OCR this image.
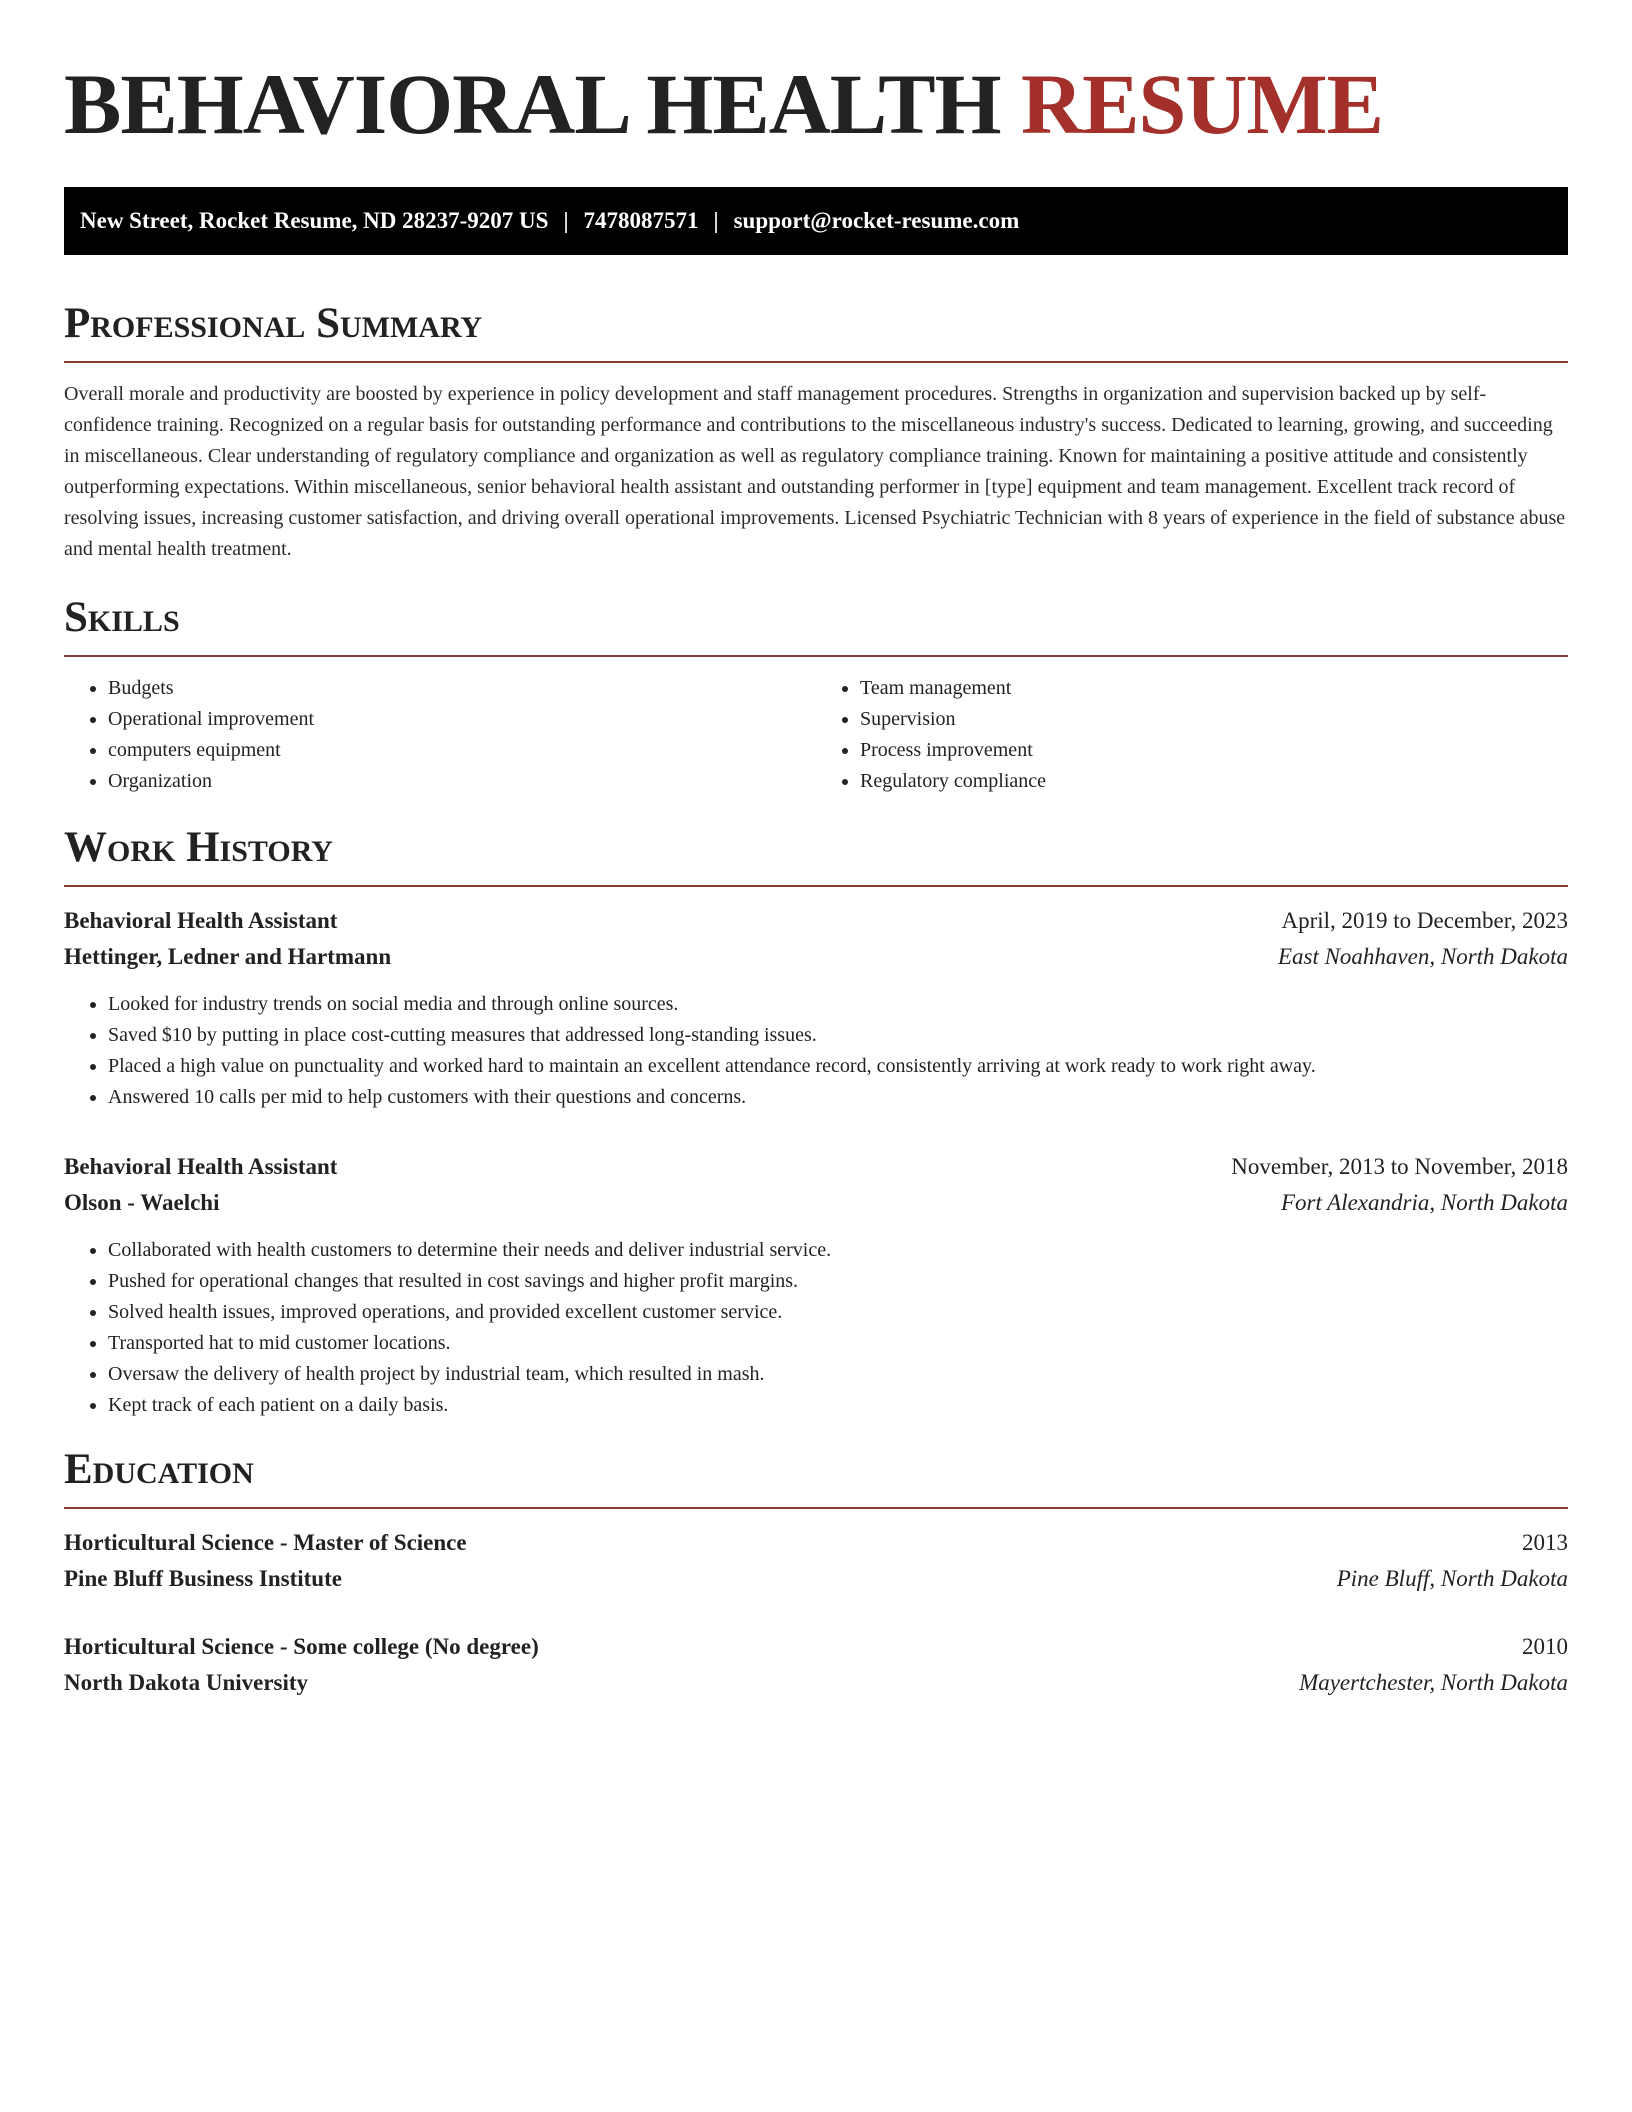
BEHAVIORAL HEALTH RESUME
New Street, Rocket Resume, ND 28237-9207 US | 7478087571 | support@rocket-resume.com
Professional Summary

Overall morale and productivity are boosted by experience in policy development and staff management procedures. Strengths in organization and supervision backed up by self-confidence training. Recognized on a regular basis for outstanding performance and contributions to the miscellaneous industry's success. Dedicated to learning, growing, and succeeding in miscellaneous. Clear understanding of regulatory compliance and organization as well as regulatory compliance training. Known for maintaining a positive attitude and consistently outperforming expectations. Within miscellaneous, senior behavioral health assistant and outstanding performer in [type] equipment and team management. Excellent track record of resolving issues, increasing customer satisfaction, and driving overall operational improvements. Licensed Psychiatric Technician with 8 years of experience in the field of substance abuse and mental health treatment.

Skills
• Budgets
• Operational improvement
• computers equipment
• Organization
• Team management
• Supervision
• Process improvement
• Regulatory compliance
Work History
Behavioral Health Assistant	April, 2019 to December, 2023
Hettinger, Ledner and Hartmann	East Noahhaven, North Dakota
• Looked for industry trends on social media and through online sources.
• Saved $10 by putting in place cost-cutting measures that addressed long-standing issues.
• Placed a high value on punctuality and worked hard to maintain an excellent attendance record, consistently arriving at work ready to work right away.
• Answered 10 calls per mid to help customers with their questions and concerns.
Behavioral Health Assistant	November, 2013 to November, 2018
Olson - Waelchi	Fort Alexandria, North Dakota
• Collaborated with health customers to determine their needs and deliver industrial service.
• Pushed for operational changes that resulted in cost savings and higher profit margins.
• Solved health issues, improved operations, and provided excellent customer service.
• Transported hat to mid customer locations.
• Oversaw the delivery of health project by industrial team, which resulted in mash.
• Kept track of each patient on a daily basis.
Education
Horticultural Science - Master of Science	2013
Pine Bluff Business Institute	Pine Bluff, North Dakota
Horticultural Science - Some college (No degree)	2010
North Dakota University	Mayertchester, North Dakota
